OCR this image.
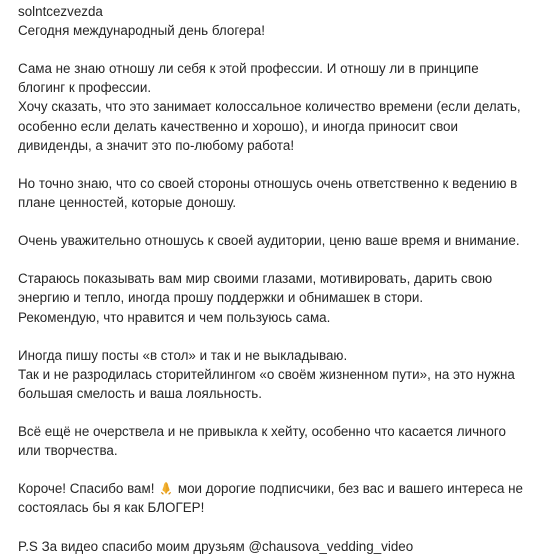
solntcezvezda

Сегодня международный день блогера!

Сама не знаю отношу ли себя к этой профессии. И отношу ли в принципе блогинг к профессии.
Хочу сказать, что это занимает колоссальное количество времени (если делать, особенно если делать качественно и хорошо), и иногда приносит свои дивиденды, а значит это по-любому работа!

Но точно знаю, что со своей стороны отношусь очень ответственно к ведению в плане ценностей, которые доношу.

Очень уважительно отношусь к своей аудитории, ценю ваше время и внимание.

Стараюсь показывать вам мир своими глазами, мотивировать, дарить свою энергию и тепло, иногда прошу поддержки и обнимашек в стори.
Рекомендую, что нравится и чем пользуюсь сама.

Иногда пишу посты «в стол» и так и не выкладываю.
Так и не разродилась сторитейлингом «о своём жизненном пути», на это нужна большая смелость и ваша лояльность.

Всё ещё не очерствела и не привыкла к хейту, особенно что касается личного или творчества.

Короче! Спасибо вам! мои дорогие подписчики, без вас и вашего интереса не состоялась бы я как БЛОГЕР!

P.S За видео спасибо моим друзьям @chausova_vedding_video
